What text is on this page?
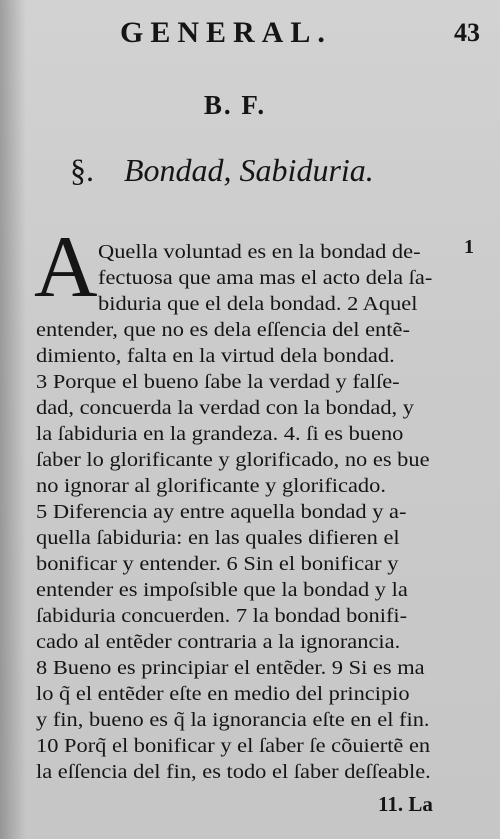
GENERAL.	43
B. F.
§. Bondad, Sabiduria.
1
A Quella voluntad es en la bondad de-
fectuosa que ama mas el acto dela ſa-
biduria que el dela bondad. 2 Aquel
entender, que no es dela eſſencia del entẽ-
dimiento, falta en la virtud dela bondad.
3 Porque el bueno ſabe la verdad y falſe-
dad, concuerda la verdad con la bondad, y
la ſabiduria en la grandeza. 4. ſi es bueno
ſaber lo glorificante y glorificado, no es bue
no ignorar al glorificante y glorificado.
5 Diferencia ay entre aquella bondad y a-
quella ſabiduria: en las quales difieren el
bonificar y entender. 6 Sin el bonificar y
entender es impoſsible que la bondad y la
ſabiduria concuerden. 7 la bondad bonifi-
cado al entẽder contraria a la ignorancia.
8 Bueno es principiar el entẽder. 9 Si es ma
lo q̃ el entẽder eſte en medio del principio
y fin, bueno es q̃ la ignorancia eſte en el fin.
10 Porq̃ el bonificar y el ſaber ſe cõuiertẽ en
la eſſencia del fin, es todo el ſaber deſſeable.
11. La
